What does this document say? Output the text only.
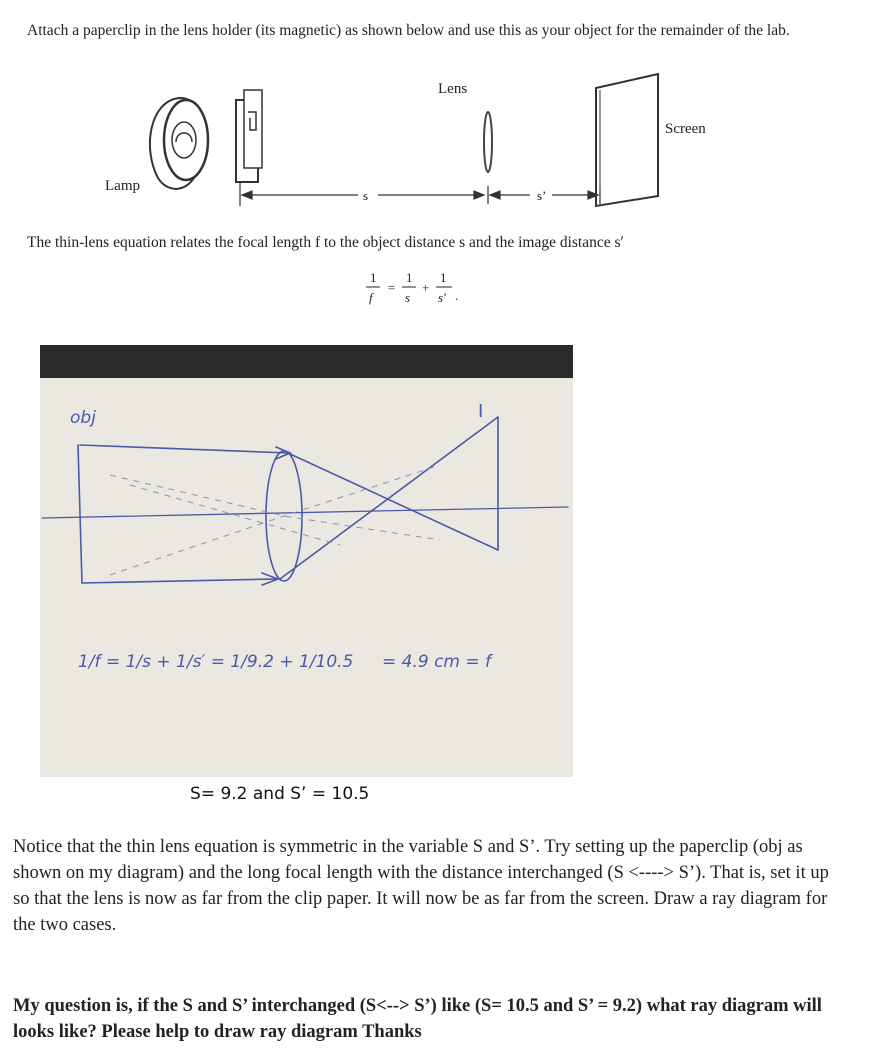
Attach a paperclip in the lens holder (its magnetic) as shown below and use this as your object for the remainder of the lab.
Lamp
Lens
Screen
s	s’
The thin-lens equation relates the focal length f to the object distance s and the image distance s′
1
f
=
1
s
+
1
s′ .
obj	I
1/f = 1/s + 1/s′ = 1/9.2 + 1/10.5 = 4.9 cm = f
S= 9.2 and S’ = 10.5
Notice that the thin lens equation is symmetric in the variable S and S’. Try setting up the paperclip (obj as shown on my diagram) and the long focal length with the distance interchanged (S <----> S’). That is, set it up so that the lens is now as far from the clip paper. It will now be as far from the screen. Draw a ray diagram for the two cases.
My question is, if the S and S’ interchanged (S<--> S’) like (S= 10.5 and S’ = 9.2) what ray diagram will looks like? Please help to draw ray diagram Thanks
